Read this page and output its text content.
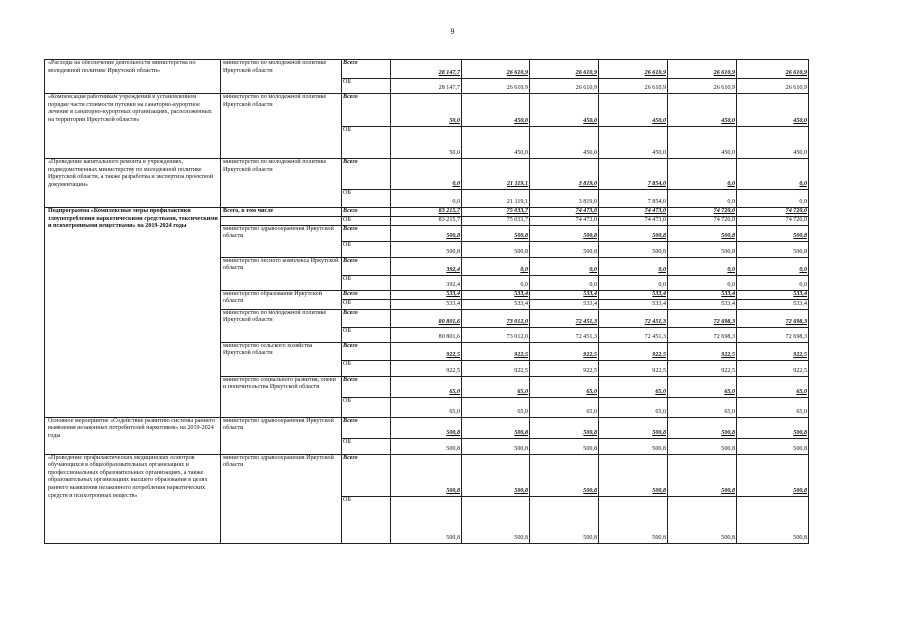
9
«Расходы на обеспечение деятельности министерства по молодежной политике Иркутской области»	министерство по молодежной политике Иркутской области	Всего	28 147,7	26 610,9	26 610,9	26 610,9	26 610,9	26 610,9
		ОБ	28 147,7	26 610,9	26 610,9	26 610,9	26 610,9	26 610,9
«Компенсация работникам учреждений в установленном порядке части стоимости путевки на санаторно-курортное лечение в санаторно-курортных организациях, расположенных на территории Иркутской области»	министерство по молодежной политике Иркутской области	Всего	50,0	450,0	450,0	450,0	450,0	450,0
		ОБ	50,0	450,0	450,0	450,0	450,0	450,0
«Проведение капитального ремонта в учреждениях, подведомственных министерству по молодежной политике Иркутской области, а также разработка и экспертиза проектной документации»	министерство по молодежной политике Иркутской области	Всего	0,0	21 119,1	3 819,0	7 854,0	0,0	0,0
		ОБ	0,0	21 119,1	3 819,0	7 854,0	0,0	0,0
Подпрограмма «Комплексные меры профилактики злоупотребления наркотическими средствами, токсическими и психотропными веществами» на 2019-2024 годы	Всего, в том числе	Всего	83 215,7	75 033,7	74 473,0	74 473,0	74 720,0	74 720,0
		ОБ	83 215,7	75 033,7	74 473,0	74 473,0	74 720,0	74 720,0
	министерство здравоохранения Иркутской области	Всего	500,8	500,8	500,8	500,8	500,8	500,8
		ОБ	500,8	500,8	500,8	500,8	500,8	500,8
	министерство лесного комплекса Иркутской области	Всего	392,4	0,0	0,0	0,0	0,0	0,0
		ОБ	392,4	0,0	0,0	0,0	0,0	0,0
	министерство образования Иркутской области	Всего	533,4	533,4	533,4	533,4	533,4	533,4
		ОБ	533,4	533,4	533,4	533,4	533,4	533,4
	министерство по молодежной политике Иркутской области	Всего	80 801,6	73 012,0	72 451,3	72 451,3	72 698,3	72 698,3
		ОБ	80 801,6	73 012,0	72 451,3	72 451,3	72 698,3	72 698,3
	министерство сельского хозяйства Иркутской области	Всего	922,5	922,5	922,5	922,5	922,5	922,5
		ОБ	922,5	922,5	922,5	922,5	922,5	922,5
	министерство социального развития, опеки и попечительства Иркутской области	Всего	65,0	65,0	65,0	65,0	65,0	65,0
		ОБ	65,0	65,0	65,0	65,0	65,0	65,0
Основное мероприятие «Содействие развитию системы раннего выявления незаконных потребителей наркотиков» на 2019-2024 годы	министерство здравоохранения Иркутской области	Всего	500,8	500,8	500,8	500,8	500,8	500,8
		ОБ	500,8	500,8	500,8	500,8	500,8	500,8
«Проведение профилактических медицинских осмотров обучающихся в общеобразовательных организациях и профессиональных образовательных организациях, а также образовательных организациях высшего образования в целях раннего выявления незаконного потребления наркотических средств и психотропных веществ»	министерство здравоохранения Иркутской области	Всего	500,8	500,8	500,8	500,8	500,8	500,8
		ОБ	500,8	500,8	500,8	500,8	500,8	500,8
